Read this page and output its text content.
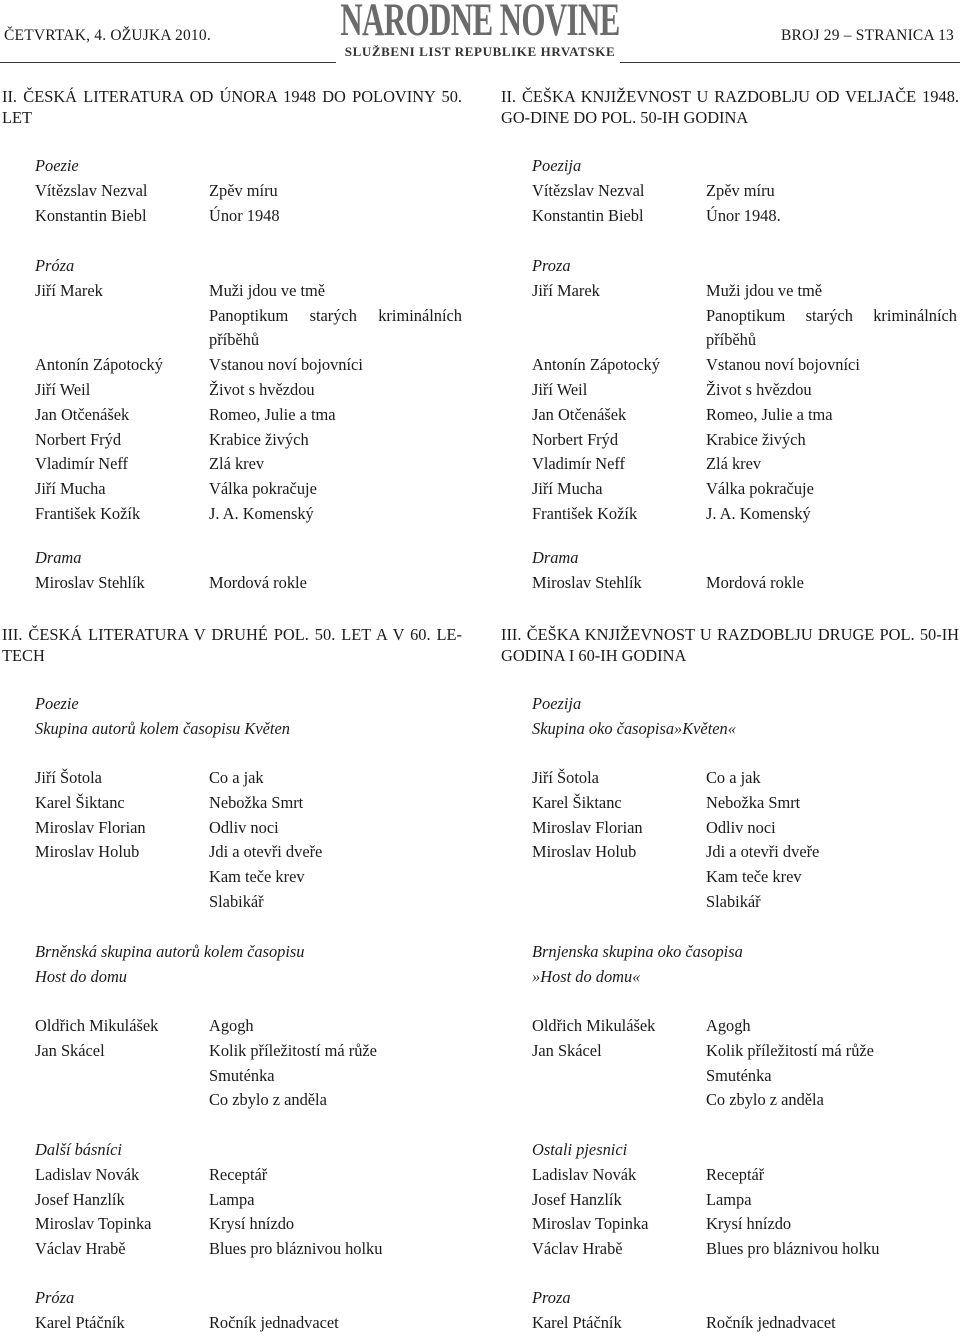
ČETVRTAK, 4. OŽUJKA 2010.	NARODNE NOVINE
SLUŽBENI LIST REPUBLIKE HRVATSKE
BROJ 29 – STRANICA 13
II. ČESKÁ LITERATURA OD ÚNORA 1948 DO POLOVINY 50. LET
Poezie
Vítězslav Nezval	Zpěv míru
Konstantin Biebl	Únor 1948
Próza
Jiří Marek	Muži jdou ve tmě
Panoptikum starých kriminálních příběhů
Antonín Zápotocký	Vstanou noví bojovníci
Jiří Weil	Život s hvězdou
Jan Otčenášek	Romeo, Julie a tma
Norbert Frýd	Krabice živých
Vladimír Neff	Zlá krev
Jiří Mucha	Válka pokračuje
František Kožík	J. A. Komenský
Drama
Miroslav Stehlík	Mordová rokle
III. ČESKÁ LITERATURA V DRUHÉ POL. 50. LET A V 60. LE-TECH
Poezie
Skupina autorů kolem časopisu Květen
Jiří Šotola	Co a jak
Karel Šiktanc	Nebožka Smrt
Miroslav Florian	Odliv noci
Miroslav Holub	Jdi a otevři dveře
Kam teče krev
Slabikář
Brněnská skupina autorů kolem časopisu
Host do domu
Oldřich Mikulášek	Agogh
Jan Skácel	Kolik příležitostí má růže
Smuténka
Co zbylo z anděla
Další básníci
Ladislav Novák	Receptář
Josef Hanzlík	Lampa
Miroslav Topinka	Krysí hnízdo
Václav Hrabě	Blues pro bláznivou holku
Próza
Karel Ptáčník	Ročník jednadvacet
II. ČEŠKA KNJIŽEVNOST U RAZDOBLJU OD VELJAČE 1948. GO-DINE DO POL. 50-IH GODINA
Poezija
Vítězslav Nezval	Zpěv míru
Konstantin Biebl	Únor 1948.
Proza
Jiří Marek	Muži jdou ve tmě
Panoptikum starých kriminálních příběhů
Antonín Zápotocký	Vstanou noví bojovníci
Jiří Weil	Život s hvězdou
Jan Otčenášek	Romeo, Julie a tma
Norbert Frýd	Krabice živých
Vladimír Neff	Zlá krev
Jiří Mucha	Válka pokračuje
František Kožík	J. A. Komenský
Drama
Miroslav Stehlík	Mordová rokle
III. ČEŠKA KNJIŽEVNOST U RAZDOBLJU DRUGE POL. 50-IH GODINA I 60-IH GODINA
Poezija
Skupina oko časopisa»Květen«
Jiří Šotola	Co a jak
Karel Šiktanc	Nebožka Smrt
Miroslav Florian	Odliv noci
Miroslav Holub	Jdi a otevři dveře
Kam teče krev
Slabikář
Brnjenska skupina oko časopisa
»Host do domu«
Oldřich Mikulášek	Agogh
Jan Skácel	Kolik příležitostí má růže
Smuténka
Co zbylo z anděla
Ostali pjesnici
Ladislav Novák	Receptář
Josef Hanzlík	Lampa
Miroslav Topinka	Krysí hnízdo
Václav Hrabě	Blues pro bláznivou holku
Proza
Karel Ptáčník	Ročník jednadvacet
